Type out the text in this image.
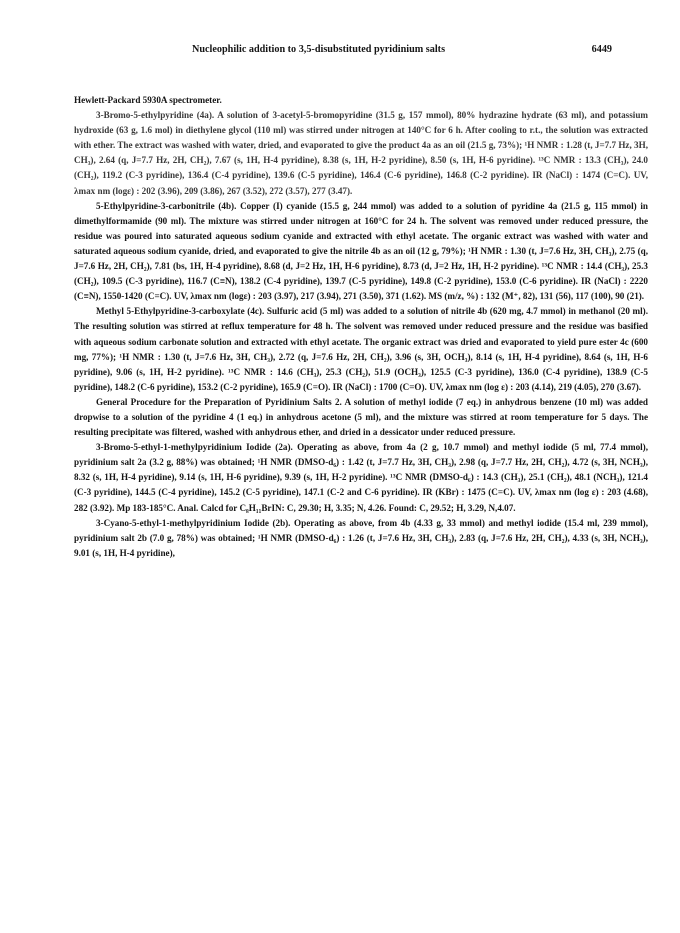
Nucleophilic addition to 3,5-disubstituted pyridinium salts	6449

Hewlett-Packard 5930A spectrometer.

3-Bromo-5-ethylpyridine (4a). A solution of 3-acetyl-5-bromopyridine (31.5 g, 157 mmol), 80% hydrazine hydrate (63 ml), and potassium hydroxide (63 g, 1.6 mol) in diethylene glycol (110 ml) was stirred under nitrogen at 140°C for 6 h. After cooling to r.t., the solution was extracted with ether. The extract was washed with water, dried, and evaporated to give the product 4a as an oil (21.5 g, 73%); ¹H NMR : 1.28 (t, J=7.7 Hz, 3H, CH₃), 2.64 (q, J=7.7 Hz, 2H, CH₂), 7.67 (s, 1H, H-4 pyridine), 8.38 (s, 1H, H-2 pyridine), 8.50 (s, 1H, H-6 pyridine). ¹³C NMR : 13.3 (CH₃), 24.0 (CH₂), 119.2 (C-3 pyridine), 136.4 (C-4 pyridine), 139.6 (C-5 pyridine), 146.4 (C-6 pyridine), 146.8 (C-2 pyridine). IR (NaCl) : 1474 (C=C). UV, λmax nm (logε) : 202 (3.96), 209 (3.86), 267 (3.52), 272 (3.57), 277 (3.47).

5-Ethylpyridine-3-carbonitrile (4b). Copper (I) cyanide (15.5 g, 244 mmol) was added to a solution of pyridine 4a (21.5 g, 115 mmol) in dimethylformamide (90 ml). The mixture was stirred under nitrogen at 160°C for 24 h. The solvent was removed under reduced pressure, the residue was poured into saturated aqueous sodium cyanide and extracted with ethyl acetate. The organic extract was washed with water and saturated aqueous sodium cyanide, dried, and evaporated to give the nitrile 4b as an oil (12 g, 79%); ¹H NMR : 1.30 (t, J=7.6 Hz, 3H, CH₃), 2.75 (q, J=7.6 Hz, 2H, CH₂), 7.81 (bs, 1H, H-4 pyridine), 8.68 (d, J=2 Hz, 1H, H-6 pyridine), 8.73 (d, J=2 Hz, 1H, H-2 pyridine). ¹³C NMR : 14.4 (CH₃), 25.3 (CH₂), 109.5 (C-3 pyridine), 116.7 (C≡N), 138.2 (C-4 pyridine), 139.7 (C-5 pyridine), 149.8 (C-2 pyridine), 153.0 (C-6 pyridine). IR (NaCl) : 2220 (C≡N), 1550-1420 (C=C). UV, λmax nm (logε) : 203 (3.97), 217 (3.94), 271 (3.50), 371 (1.62). MS (m/z, %) : 132 (M⁺, 82), 131 (56), 117 (100), 90 (21).

Methyl 5-Ethylpyridine-3-carboxylate (4c). Sulfuric acid (5 ml) was added to a solution of nitrile 4b (620 mg, 4.7 mmol) in methanol (20 ml). The resulting solution was stirred at reflux temperature for 48 h. The solvent was removed under reduced pressure and the residue was basified with aqueous sodium carbonate solution and extracted with ethyl acetate. The organic extract was dried and evaporated to yield pure ester 4c (600 mg, 77%); ¹H NMR : 1.30 (t, J=7.6 Hz, 3H, CH₃), 2.72 (q, J=7.6 Hz, 2H, CH₂), 3.96 (s, 3H, OCH₃), 8.14 (s, 1H, H-4 pyridine), 8.64 (s, 1H, H-6 pyridine), 9.06 (s, 1H, H-2 pyridine). ¹³C NMR : 14.6 (CH₃), 25.3 (CH₂), 51.9 (OCH₃), 125.5 (C-3 pyridine), 136.0 (C-4 pyridine), 138.9 (C-5 pyridine), 148.2 (C-6 pyridine), 153.2 (C-2 pyridine), 165.9 (C=O). IR (NaCl) : 1700 (C=O). UV, λmax nm (log ε) : 203 (4.14), 219 (4.05), 270 (3.67).

General Procedure for the Preparation of Pyridinium Salts 2. A solution of methyl iodide (7 eq.) in anhydrous benzene (10 ml) was added dropwise to a solution of the pyridine 4 (1 eq.) in anhydrous acetone (5 ml), and the mixture was stirred at room temperature for 5 days. The resulting precipitate was filtered, washed with anhydrous ether, and dried in a dessicator under reduced pressure.

3-Bromo-5-ethyl-1-methylpyridinium Iodide (2a). Operating as above, from 4a (2 g, 10.7 mmol) and methyl iodide (5 ml, 77.4 mmol), pyridinium salt 2a (3.2 g, 88%) was obtained; ¹H NMR (DMSO-d₆) : 1.42 (t, J=7.7 Hz, 3H, CH₃), 2.98 (q, J=7.7 Hz, 2H, CH₂), 4.72 (s, 3H, NCH₃), 8.32 (s, 1H, H-4 pyridine), 9.14 (s, 1H, H-6 pyridine), 9.39 (s, 1H, H-2 pyridine). ¹³C NMR (DMSO-d₆) : 14.3 (CH₃), 25.1 (CH₂), 48.1 (NCH₃), 121.4 (C-3 pyridine), 144.5 (C-4 pyridine), 145.2 (C-5 pyridine), 147.1 (C-2 and C-6 pyridine). IR (KBr) : 1475 (C=C). UV, λmax nm (log ε) : 203 (4.68), 282 (3.92). Mp 183-185°C. Anal. Calcd for C₈H₁₁BrIN: C, 29.30; H, 3.35; N, 4.26. Found: C, 29.52; H, 3.29, N,4.07.

3-Cyano-5-ethyl-1-methylpyridinium Iodide (2b). Operating as above, from 4b (4.33 g, 33 mmol) and methyl iodide (15.4 ml, 239 mmol), pyridinium salt 2b (7.0 g, 78%) was obtained; ¹H NMR (DMSO-d₆) : 1.26 (t, J=7.6 Hz, 3H, CH₃), 2.83 (q, J=7.6 Hz, 2H, CH₂), 4.33 (s, 3H, NCH₃), 9.01 (s, 1H, H-4 pyridine),
